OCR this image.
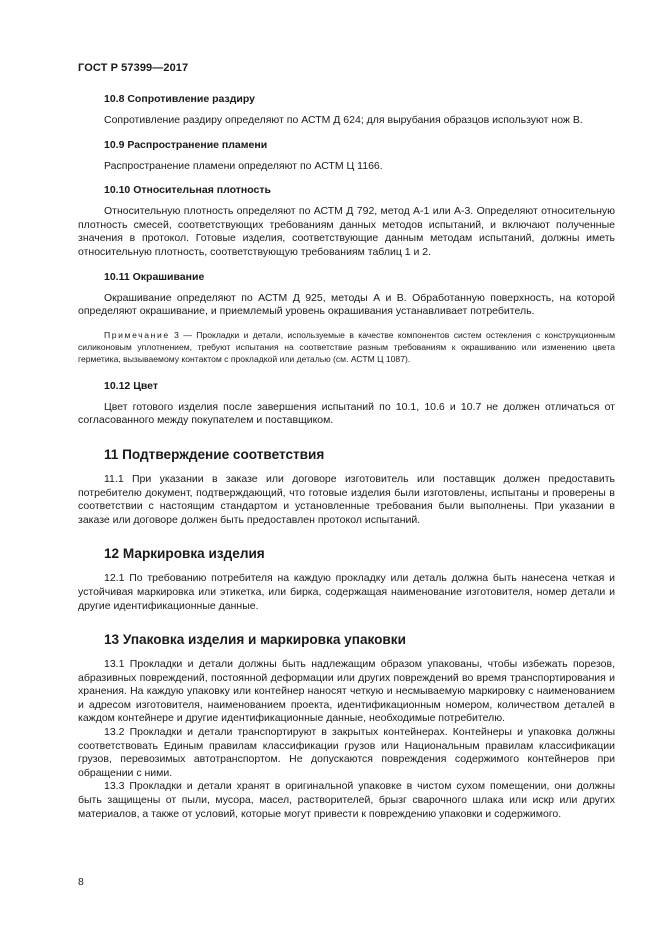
ГОСТ Р 57399—2017
10.8 Сопротивление раздиру
Сопротивление раздиру определяют по АСТМ Д 624; для вырубания образцов используют нож В.
10.9 Распространение пламени
Распространение пламени определяют по АСТМ Ц 1166.
10.10 Относительная плотность
Относительную плотность определяют по АСТМ Д 792, метод А-1 или А-3. Определяют относительную плотность смесей, соответствующих требованиям данных методов испытаний, и включают полученные значения в протокол. Готовые изделия, соответствующие данным методам испытаний, должны иметь относительную плотность, соответствующую требованиям таблиц 1 и 2.
10.11 Окрашивание
Окрашивание определяют по АСТМ Д 925, методы А и В. Обработанную поверхность, на которой определяют окрашивание, и приемлемый уровень окрашивания устанавливает потребитель.
Примечание 3 — Прокладки и детали, используемые в качестве компонентов систем остекления с конструкционным силиконовым уплотнением, требуют испытания на соответствие разным требованиям к окрашиванию или изменению цвета герметика, вызываемому контактом с прокладкой или деталью (см. АСТМ Ц 1087).
10.12 Цвет
Цвет готового изделия после завершения испытаний по 10.1, 10.6 и 10.7 не должен отличаться от согласованного между покупателем и поставщиком.
11 Подтверждение соответствия
11.1 При указании в заказе или договоре изготовитель или поставщик должен предоставить потребителю документ, подтверждающий, что готовые изделия были изготовлены, испытаны и проверены в соответствии с настоящим стандартом и установленные требования были выполнены. При указании в заказе или договоре должен быть предоставлен протокол испытаний.
12 Маркировка изделия
12.1 По требованию потребителя на каждую прокладку или деталь должна быть нанесена четкая и устойчивая маркировка или этикетка, или бирка, содержащая наименование изготовителя, номер детали и другие идентификационные данные.
13 Упаковка изделия и маркировка упаковки
13.1 Прокладки и детали должны быть надлежащим образом упакованы, чтобы избежать порезов, абразивных повреждений, постоянной деформации или других повреждений во время транспортирования и хранения. На каждую упаковку или контейнер наносят четкую и несмываемую маркировку с наименованием и адресом изготовителя, наименованием проекта, идентификационным номером, количеством деталей в каждом контейнере и другие идентификационные данные, необходимые потребителю.
13.2 Прокладки и детали транспортируют в закрытых контейнерах. Контейнеры и упаковка должны соответствовать Единым правилам классификации грузов или Национальным правилам классификации грузов, перевозимых автотранспортом. Не допускаются повреждения содержимого контейнеров при обращении с ними.
13.3 Прокладки и детали хранят в оригинальной упаковке в чистом сухом помещении, они должны быть защищены от пыли, мусора, масел, растворителей, брызг сварочного шлака или искр или других материалов, а также от условий, которые могут привести к повреждению упаковки и содержимого.
8
